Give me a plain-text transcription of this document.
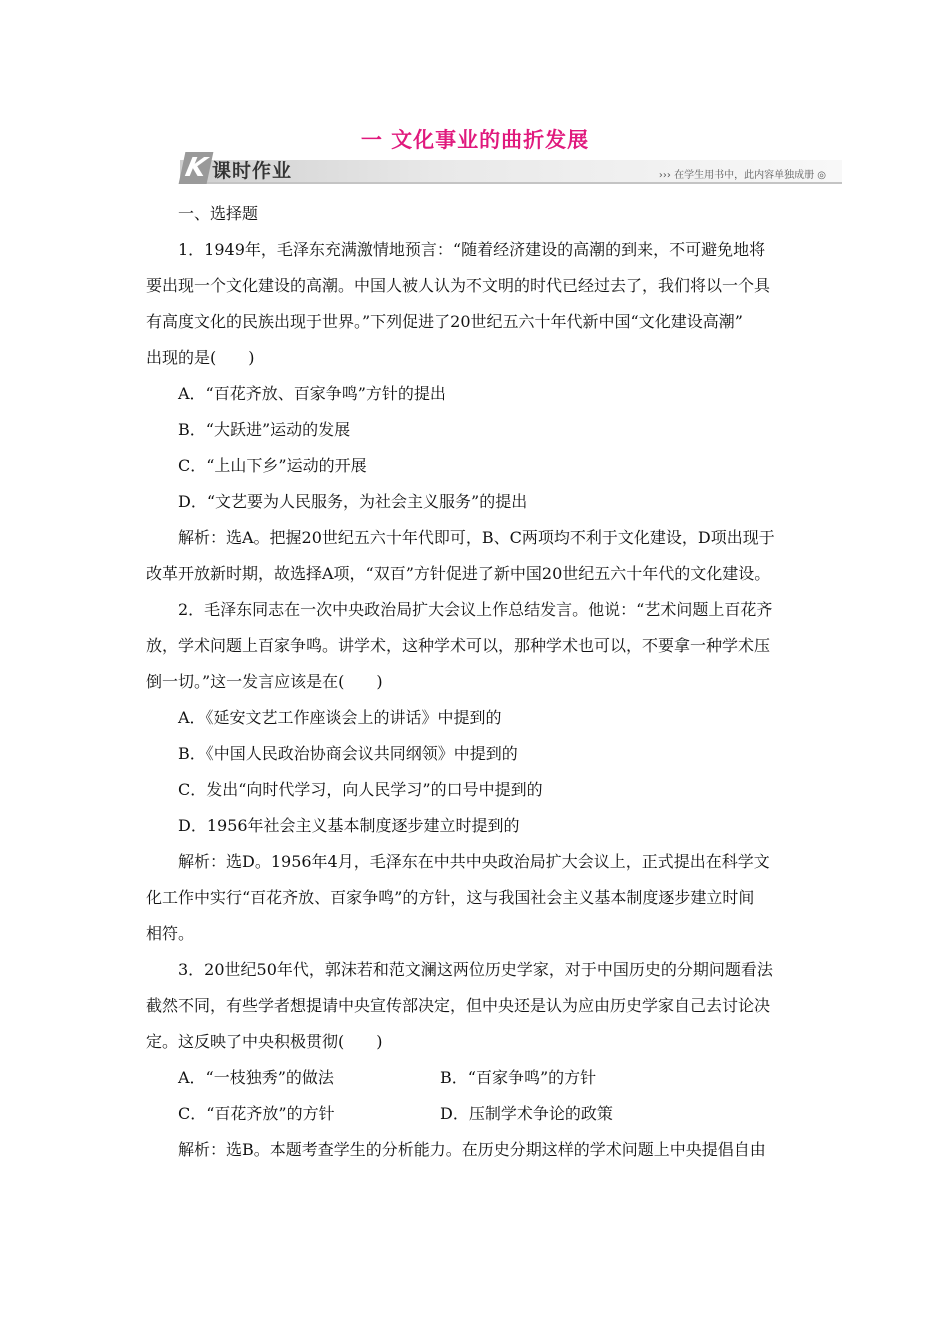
一 文化事业的曲折发展
K 课时作业	››› 在学生用书中，此内容单独成册 ◎
一、选择题
1．1949年，毛泽东充满激情地预言：“随着经济建设的高潮的到来，不可避免地将
要出现一个文化建设的高潮。中国人被人认为不文明的时代已经过去了，我们将以一个具
有高度文化的民族出现于世界。”下列促进了20世纪五六十年代新中国“文化建设高潮”
出现的是(　　)
A．“百花齐放、百家争鸣”方针的提出
B．“大跃进”运动的发展
C．“上山下乡”运动的开展
D．“文艺要为人民服务，为社会主义服务”的提出
解析：选A。把握20世纪五六十年代即可，B、C两项均不利于文化建设，D项出现于
改革开放新时期，故选择A项，“双百”方针促进了新中国20世纪五六十年代的文化建设。
2．毛泽东同志在一次中央政治局扩大会议上作总结发言。他说：“艺术问题上百花齐
放，学术问题上百家争鸣。讲学术，这种学术可以，那种学术也可以，不要拿一种学术压
倒一切。”这一发言应该是在(　　)
A．《延安文艺工作座谈会上的讲话》中提到的
B．《中国人民政治协商会议共同纲领》中提到的
C．发出“向时代学习，向人民学习”的口号中提到的
D．1956年社会主义基本制度逐步建立时提到的
解析：选D。1956年4月，毛泽东在中共中央政治局扩大会议上，正式提出在科学文
化工作中实行“百花齐放、百家争鸣”的方针，这与我国社会主义基本制度逐步建立时间
相符。
3．20世纪50年代，郭沫若和范文澜这两位历史学家，对于中国历史的分期问题看法
截然不同，有些学者想提请中央宣传部决定，但中央还是认为应由历史学家自己去讨论决
定。这反映了中央积极贯彻(　　)
A．“一枝独秀”的做法	B．“百家争鸣”的方针
C．“百花齐放”的方针	D．压制学术争论的政策
解析：选B。本题考查学生的分析能力。在历史分期这样的学术问题上中央提倡自由
